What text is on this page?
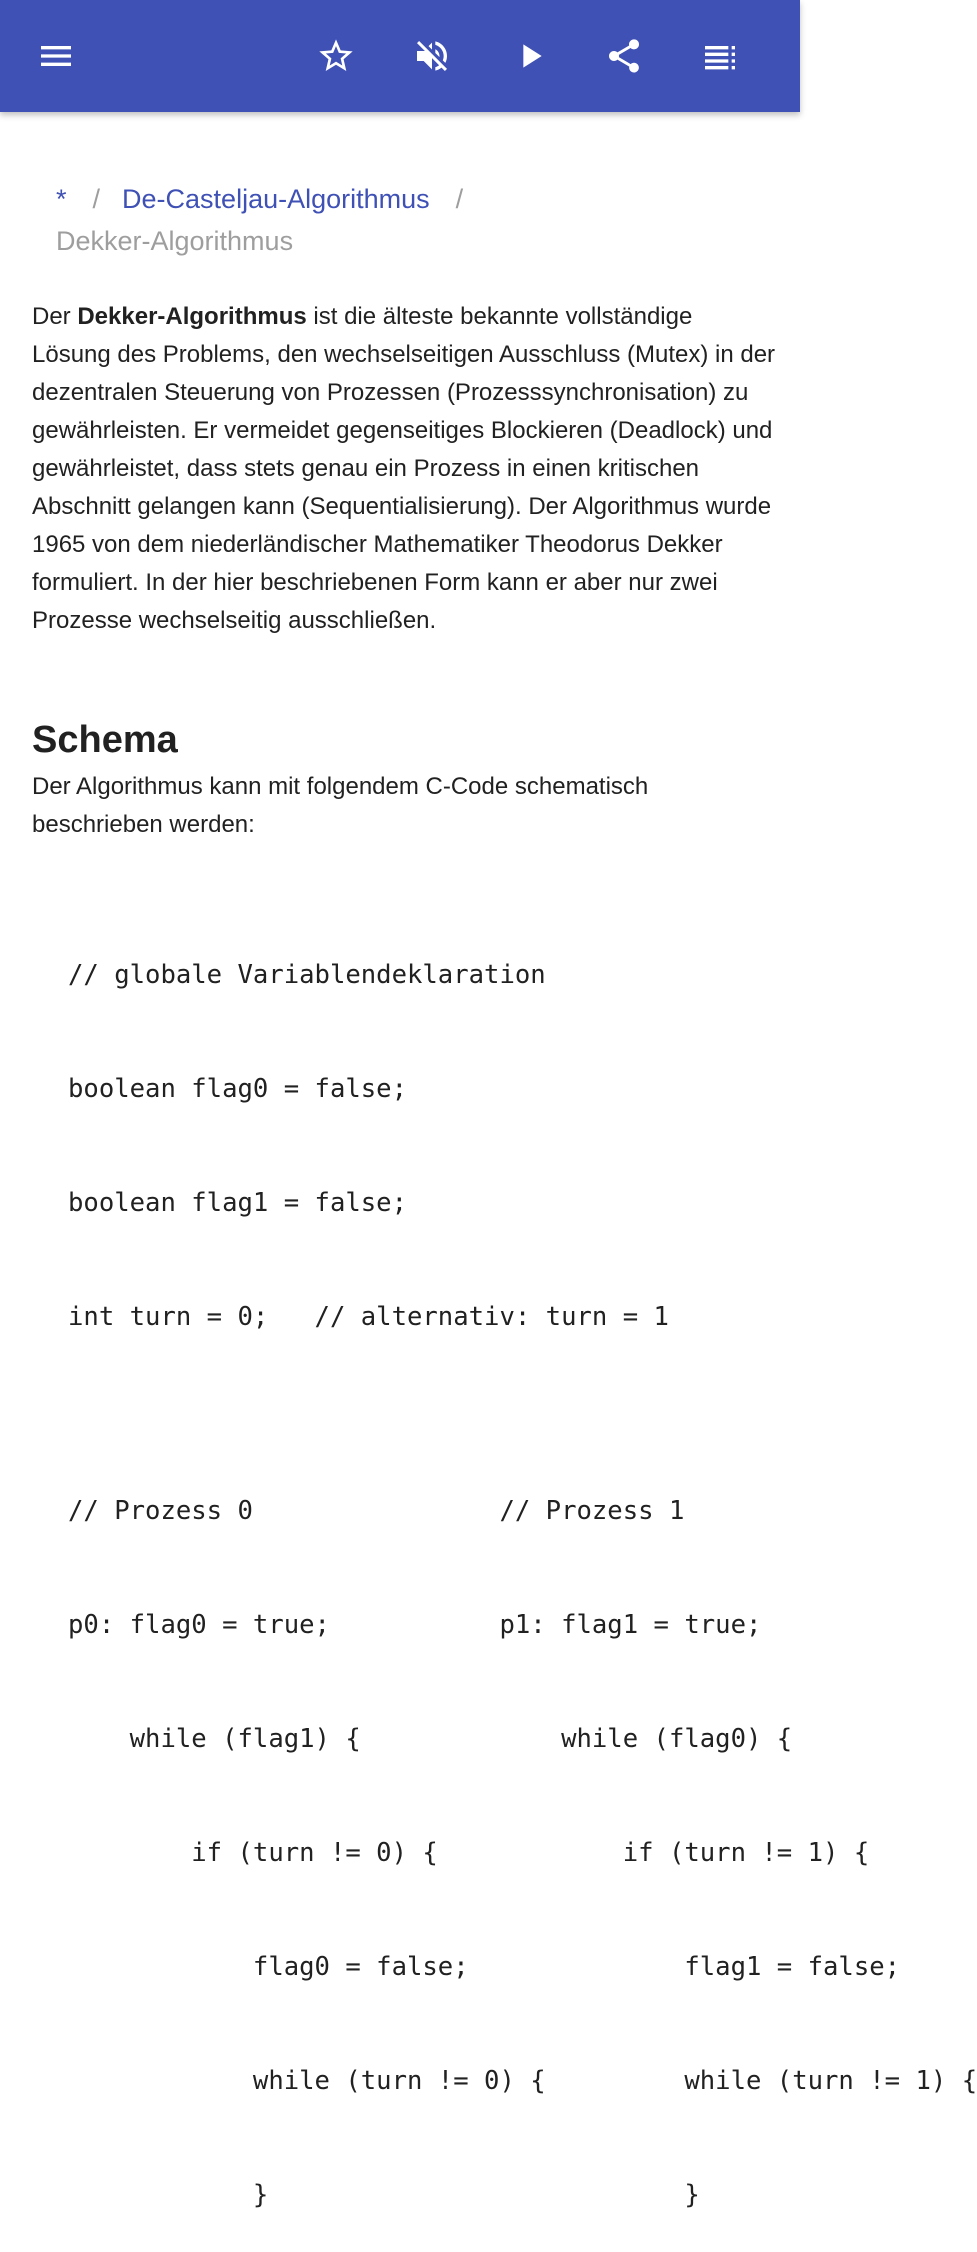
* / De-Casteljau-Algorithmus /
Dekker-Algorithmus

Der Dekker-Algorithmus ist die älteste bekannte vollständige Lösung des Problems, den wechselseitigen Ausschluss (Mutex) in der dezentralen Steuerung von Prozessen (Prozesssynchronisation) zu gewährleisten. Er vermeidet gegenseitiges Blockieren (Deadlock) und gewährleistet, dass stets genau ein Prozess in einen kritischen Abschnitt gelangen kann (Sequentialisierung). Der Algorithmus wurde 1965 von dem niederländischer Mathematiker Theodorus Dekker formuliert. In der hier beschriebenen Form kann er aber nur zwei Prozesse wechselseitig ausschließen.

Schema

Der Algorithmus kann mit folgendem C-Code schematisch beschrieben werden:

// globale Variablendeklaration

boolean flag0 = false;

boolean flag1 = false;

int turn = 0;   // alternativ: turn = 1

// Prozess 0                // Prozess 1

p0: flag0 = true;           p1: flag1 = true;

while (flag1) {             while (flag0) {

if (turn != 0) {            if (turn != 1) {

flag0 = false;              flag1 = false;

while (turn != 0) {         while (turn != 1) {

}                           }
